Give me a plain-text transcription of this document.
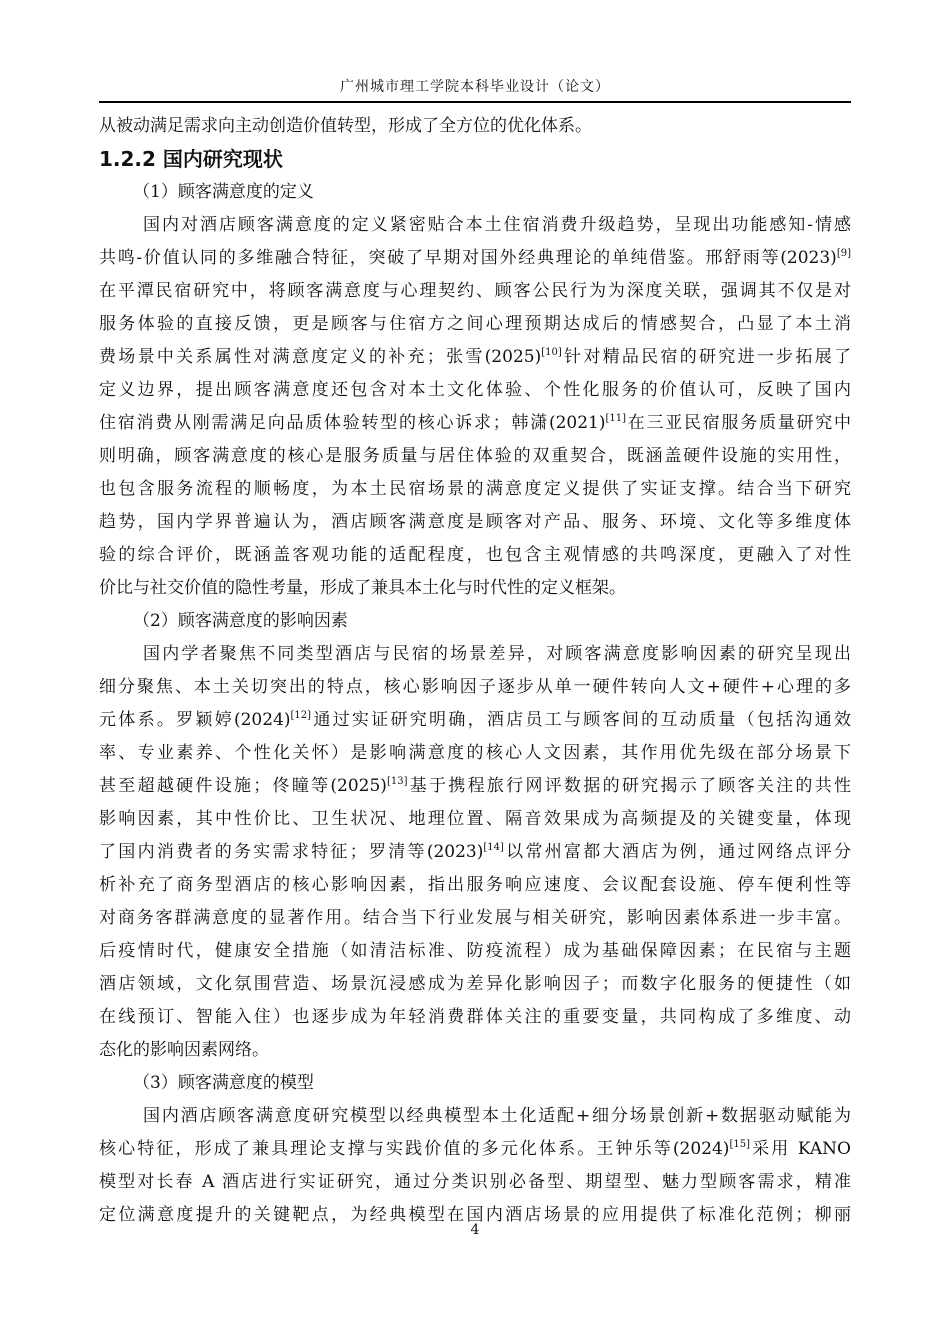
广州城市理工学院本科毕业设计（论文）

从被动满足需求向主动创造价值转型，形成了全方位的优化体系。

1.2.2 国内研究现状

（1）顾客满意度的定义

国内对酒店顾客满意度的定义紧密贴合本土住宿消费升级趋势，呈现出功能感知-情感

共鸣-价值认同的多维融合特征，突破了早期对国外经典理论的单纯借鉴。邢舒雨等(2023)[9]

在平潭民宿研究中，将顾客满意度与心理契约、顾客公民行为为深度关联，强调其不仅是对

服务体验的直接反馈，更是顾客与住宿方之间心理预期达成后的情感契合，凸显了本土消

费场景中关系属性对满意度定义的补充；张雪(2025)[10]针对精品民宿的研究进一步拓展了

定义边界，提出顾客满意度还包含对本土文化体验、个性化服务的价值认可，反映了国内

住宿消费从刚需满足向品质体验转型的核心诉求；韩潇(2021)[11]在三亚民宿服务质量研究中

则明确，顾客满意度的核心是服务质量与居住体验的双重契合，既涵盖硬件设施的实用性，

也包含服务流程的顺畅度，为本土民宿场景的满意度定义提供了实证支撑。结合当下研究

趋势，国内学界普遍认为，酒店顾客满意度是顾客对产品、服务、环境、文化等多维度体

验的综合评价，既涵盖客观功能的适配程度，也包含主观情感的共鸣深度，更融入了对性

价比与社交价值的隐性考量，形成了兼具本土化与时代性的定义框架。

（2）顾客满意度的影响因素

国内学者聚焦不同类型酒店与民宿的场景差异，对顾客满意度影响因素的研究呈现出

细分聚焦、本土关切突出的特点，核心影响因子逐步从单一硬件转向人文+硬件+心理的多

元体系。罗颖婷(2024)[12]通过实证研究明确，酒店员工与顾客间的互动质量（包括沟通效

率、专业素养、个性化关怀）是影响满意度的核心人文因素，其作用优先级在部分场景下

甚至超越硬件设施；佟瞳等(2025)[13]基于携程旅行网评数据的研究揭示了顾客关注的共性

影响因素，其中性价比、卫生状况、地理位置、隔音效果成为高频提及的关键变量，体现

了国内消费者的务实需求特征；罗清等(2023)[14]以常州富都大酒店为例，通过网络点评分

析补充了商务型酒店的核心影响因素，指出服务响应速度、会议配套设施、停车便利性等

对商务客群满意度的显著作用。结合当下行业发展与相关研究，影响因素体系进一步丰富。

后疫情时代，健康安全措施（如清洁标准、防疫流程）成为基础保障因素；在民宿与主题

酒店领域，文化氛围营造、场景沉浸感成为差异化影响因子；而数字化服务的便捷性（如

在线预订、智能入住）也逐步成为年轻消费群体关注的重要变量，共同构成了多维度、动

态化的影响因素网络。

（3）顾客满意度的模型

国内酒店顾客满意度研究模型以经典模型本土化适配+细分场景创新+数据驱动赋能为

核心特征，形成了兼具理论支撑与实践价值的多元化体系。王钟乐等(2024)[15]采用 KANO

模型对长春 A 酒店进行实证研究，通过分类识别必备型、期望型、魅力型顾客需求，精准

定位满意度提升的关键靶点，为经典模型在国内酒店场景的应用提供了标准化范例；柳丽

4
